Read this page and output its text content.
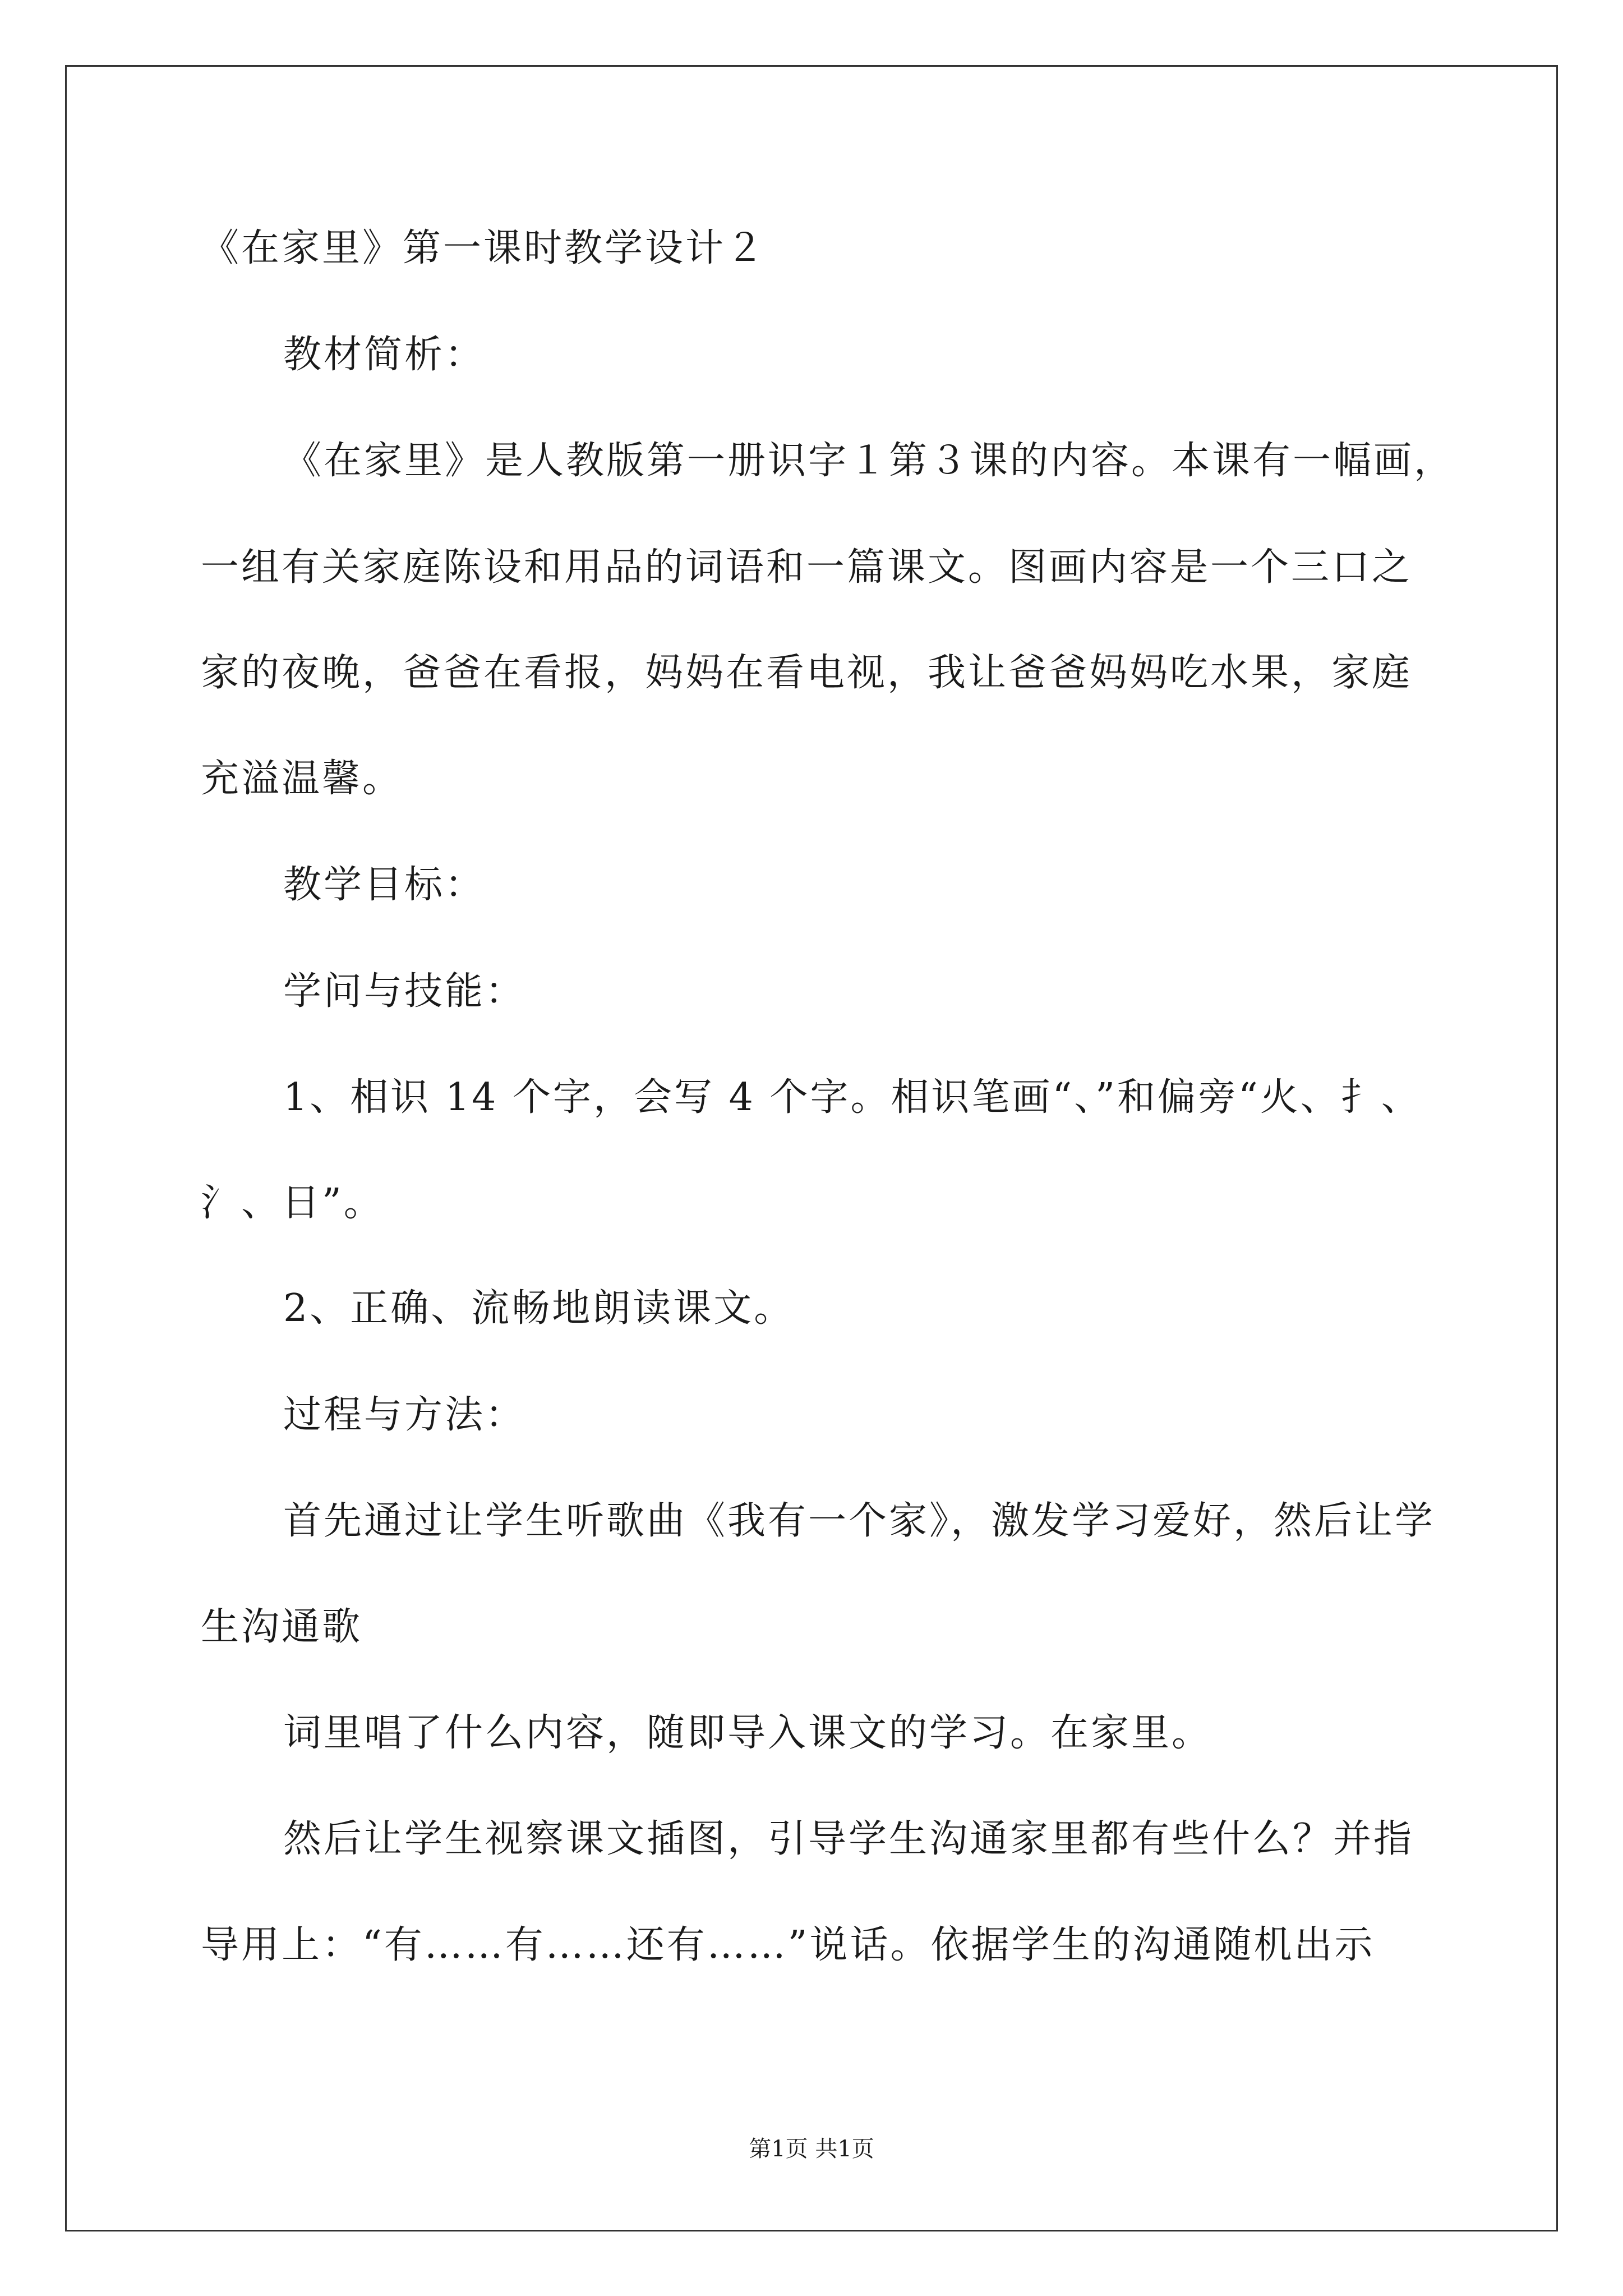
《在家里》第一课时教学设计２
教材简析：
《在家里》是人教版第一册识字１第３课的内容。本课有一幅画，
一组有关家庭陈设和用品的词语和一篇课文。图画内容是一个三口之
家的夜晚，爸爸在看报，妈妈在看电视，我让爸爸妈妈吃水果，家庭
充溢温馨。
教学目标：
学问与技能：
1、相识 14 个字，会写 4 个字。相识笔画“、”和偏旁“火、扌、
氵、日”。
2、正确、流畅地朗读课文。
过程与方法：
首先通过让学生听歌曲《我有一个家》，激发学习爱好，然后让学
生沟通歌
词里唱了什么内容，随即导入课文的学习。在家里。
然后让学生视察课文插图，引导学生沟通家里都有些什么？并指
导用上：“有……有……还有……”说话。依据学生的沟通随机出示
第1页 共1页
